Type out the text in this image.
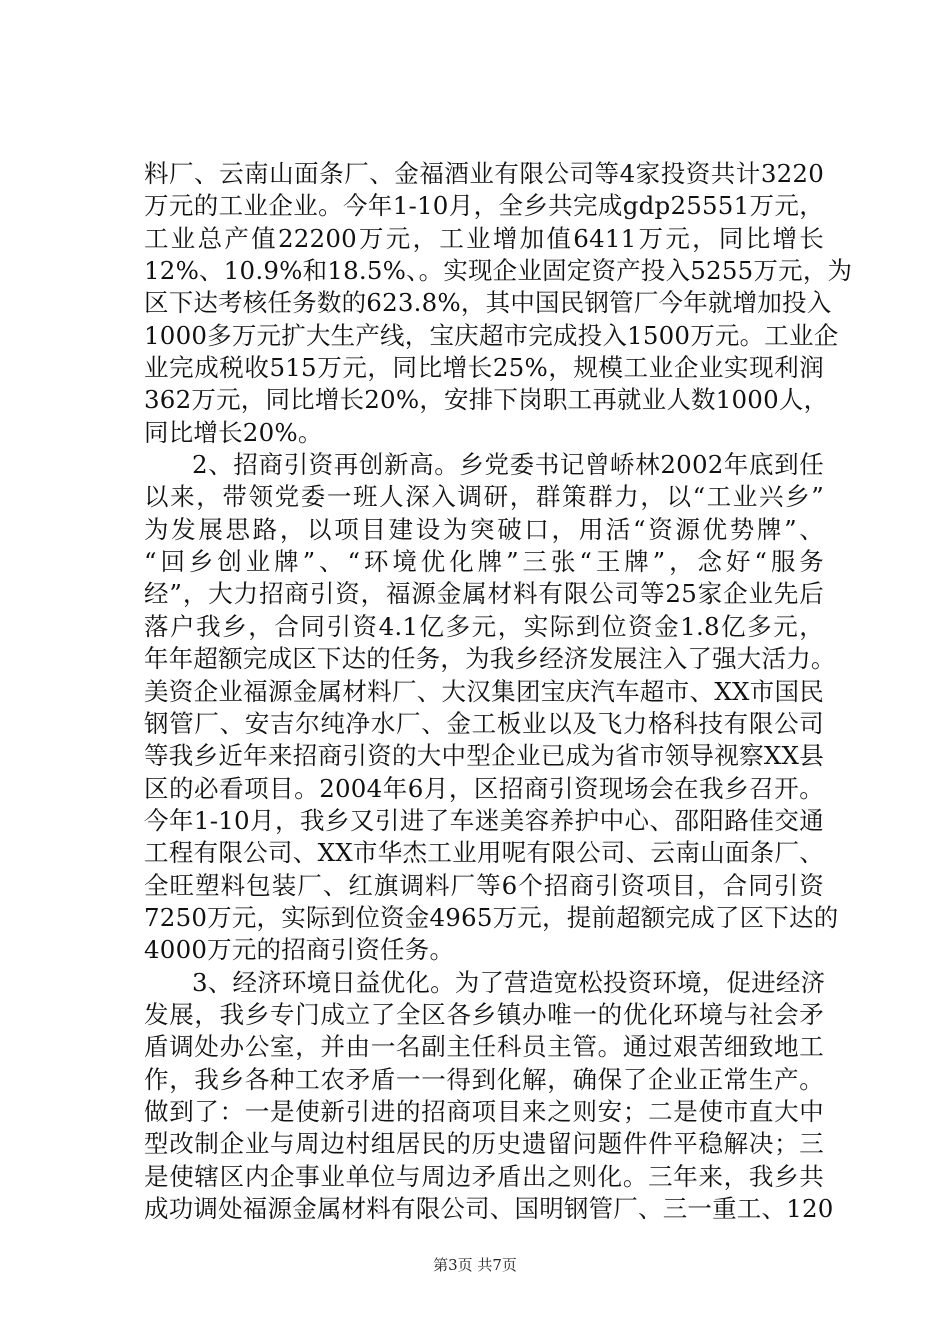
料厂、云南山面条厂、金福酒业有限公司等4家投资共计3220
万元的工业企业。今年1-10月，全乡共完成gdp25551万元，
工业总产值22200万元，工业增加值6411万元，同比增长
12%、10.9%和18.5%、。实现企业固定资产投入5255万元，为
区下达考核任务数的623.8%，其中国民钢管厂今年就增加投入
1000多万元扩大生产线，宝庆超市完成投入1500万元。工业企
业完成税收515万元，同比增长25%，规模工业企业实现利润
362万元，同比增长20%，安排下岗职工再就业人数1000人，
同比增长20%。
2、招商引资再创新高。乡党委书记曾峤林2002年底到任
以来，带领党委一班人深入调研，群策群力，以“工业兴乡”
为发展思路，以项目建设为突破口，用活“资源优势牌”、
“回乡创业牌”、“环境优化牌”三张“王牌”，念好“服务
经”，大力招商引资，福源金属材料有限公司等25家企业先后
落户我乡，合同引资4.1亿多元，实际到位资金1.8亿多元，
年年超额完成区下达的任务，为我乡经济发展注入了强大活力。
美资企业福源金属材料厂、大汉集团宝庆汽车超市、XX市国民
钢管厂、安吉尔纯净水厂、金工板业以及飞力格科技有限公司
等我乡近年来招商引资的大中型企业已成为省市领导视察XX县
区的必看项目。2004年6月，区招商引资现场会在我乡召开。
今年1-10月，我乡又引进了车迷美容养护中心、邵阳路佳交通
工程有限公司、XX市华杰工业用呢有限公司、云南山面条厂、
全旺塑料包装厂、红旗调料厂等6个招商引资项目，合同引资
7250万元，实际到位资金4965万元，提前超额完成了区下达的
4000万元的招商引资任务。
3、经济环境日益优化。为了营造宽松投资环境，促进经济
发展，我乡专门成立了全区各乡镇办唯一的优化环境与社会矛
盾调处办公室，并由一名副主任科员主管。通过艰苦细致地工
作，我乡各种工农矛盾一一得到化解，确保了企业正常生产。
做到了：一是使新引进的招商项目来之则安；二是使市直大中
型改制企业与周边村组居民的历史遗留问题件件平稳解决；三
是使辖区内企事业单位与周边矛盾出之则化。三年来，我乡共
成功调处福源金属材料有限公司、国明钢管厂、三一重工、120
第3页 共7页
